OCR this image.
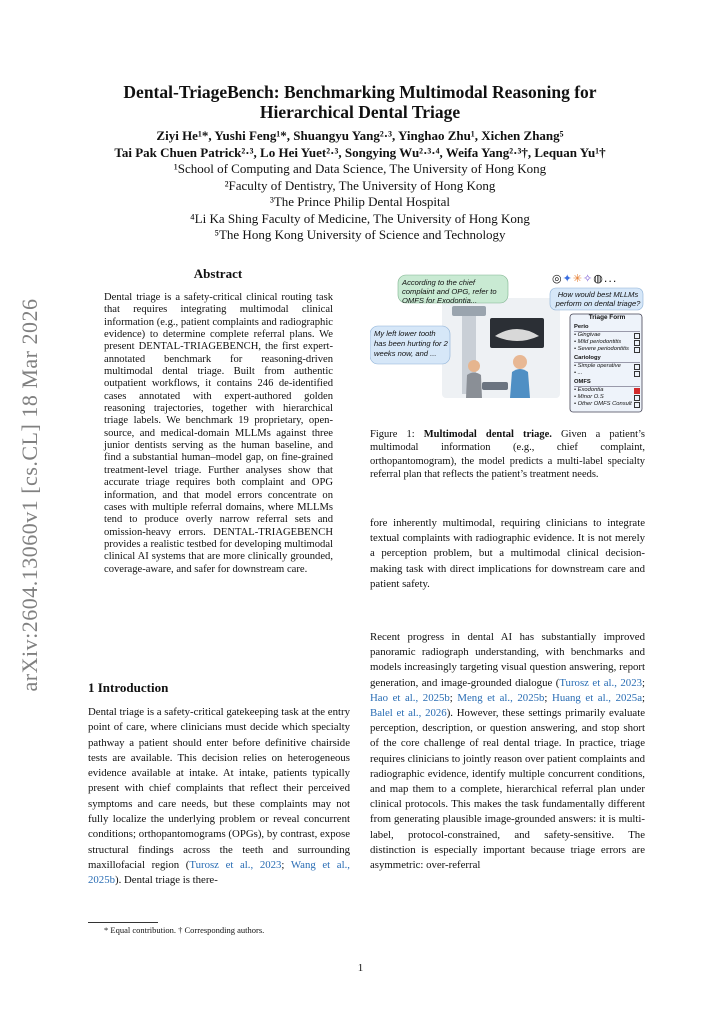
arXiv:2604.13060v1 [cs.CL] 18 Mar 2026
Dental-TriageBench: Benchmarking Multimodal Reasoning for Hierarchical Dental Triage
Ziyi He¹*, Yushi Feng¹*, Shuangyu Yang²·³, Yinghao Zhu¹, Xichen Zhang⁵
Tai Pak Chuen Patrick²·³, Lo Hei Yuet²·³, Songying Wu²·³·⁴, Weifa Yang²·³†, Lequan Yu¹†
¹School of Computing and Data Science, The University of Hong Kong
²Faculty of Dentistry, The University of Hong Kong
³The Prince Philip Dental Hospital
⁴Li Ka Shing Faculty of Medicine, The University of Hong Kong
⁵The Hong Kong University of Science and Technology
Abstract
Dental triage is a safety-critical clinical routing task that requires integrating multimodal clinical information (e.g., patient complaints and radiographic evidence) to determine complete referral plans. We present DENTAL-TRIAGEBENCH, the first expert-annotated benchmark for reasoning-driven multimodal dental triage. Built from authentic outpatient workflows, it contains 246 de-identified cases annotated with expert-authored golden reasoning trajectories, together with hierarchical triage labels. We benchmark 19 proprietary, open-source, and medical-domain MLLMs against three junior dentists serving as the human baseline, and find a substantial human–model gap, on fine-grained treatment-level triage. Further analyses show that accurate triage requires both complaint and OPG information, and that model errors concentrate on cases with multiple referral domains, where MLLMs tend to produce overly narrow referral sets and omission-heavy errors. DENTAL-TRIAGEBENCH provides a realistic testbed for developing multimodal clinical AI systems that are more clinically grounded, coverage-aware, and safer for downstream care.
1 Introduction
Dental triage is a safety-critical gatekeeping task at the entry point of care, where clinicians must decide which specialty pathway a patient should enter before definitive chairside tests are available. This decision relies on heterogeneous evidence available at intake. At intake, patients typically present with chief complaints that reflect their perceived symptoms and care needs, but these complaints may not fully localize the underlying problem or reveal concurrent conditions; orthopantomograms (OPGs), by contrast, expose structural findings across the teeth and surrounding maxillofacial region (Turosz et al., 2023; Wang et al., 2025b). Dental triage is there-
* Equal contribution. † Corresponding authors.
According to the chief complaint and OPG, refer to OMFS for Exodontia...
My left lower tooth has been hurting for 2 weeks now, and ...
How would best MLLMs perform on dental triage?
◎✦✳✧◍...
Triage Form
Perio
• Gingivae
• Mild periodontitis
• Severe periodontitis
Cariology
• Simple operative
• ...
OMFS
• Exodontia
• Minor O.S
• Other OMFS Consult
Figure 1: Multimodal dental triage. Given a patient’s multimodal information (e.g., chief complaint, orthopantomogram), the model predicts a multi-label specialty referral plan that reflects the patient’s treatment needs.
fore inherently multimodal, requiring clinicians to integrate textual complaints with radiographic evidence. It is not merely a perception problem, but a multimodal clinical decision-making task with direct implications for downstream care and patient safety.
Recent progress in dental AI has substantially improved panoramic radiograph understanding, with benchmarks and models increasingly targeting visual question answering, report generation, and image-grounded dialogue (Turosz et al., 2023; Hao et al., 2025b; Meng et al., 2025b; Huang et al., 2025a; Balel et al., 2026). However, these settings primarily evaluate perception, description, or question answering, and stop short of the core challenge of real dental triage. In practice, triage requires clinicians to jointly reason over patient complaints and radiographic evidence, identify multiple concurrent conditions, and map them to a complete, hierarchical referral plan under clinical protocols. This makes the task fundamentally different from generating plausible image-grounded answers: it is multi-label, protocol-constrained, and safety-sensitive. The distinction is especially important because triage errors are asymmetric: over-referral
1
